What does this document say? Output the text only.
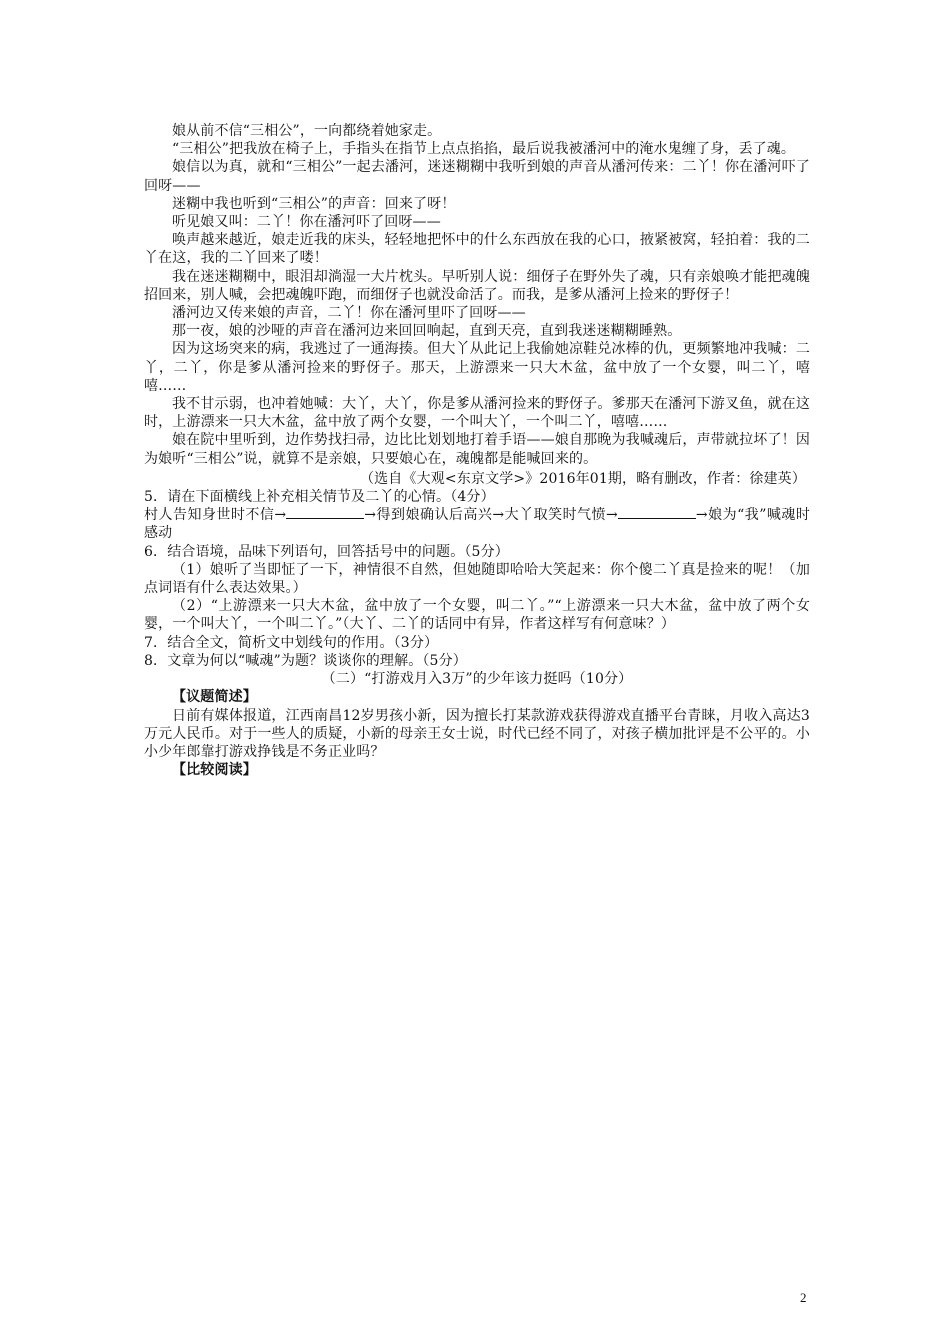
娘从前不信“三相公”，一向都绕着她家走。

“三相公”把我放在椅子上，手指头在指节上点点掐掐，最后说我被潘河中的淹水鬼缠了身，丢了魂。

娘信以为真，就和“三相公”一起去潘河，迷迷糊糊中我听到娘的声音从潘河传来：二丫！你在潘河吓了回呀——

迷糊中我也听到“三相公”的声音：回来了呀！

听见娘又叫：二丫！你在潘河吓了回呀——

唤声越来越近，娘走近我的床头，轻轻地把怀中的什么东西放在我的心口，掖紧被窝，轻拍着：我的二丫在这，我的二丫回来了喽！

我在迷迷糊糊中，眼泪却淌湿一大片枕头。早听别人说：细伢子在野外失了魂，只有亲娘唤才能把魂魄招回来，别人喊，会把魂魄吓跑，而细伢子也就没命活了。而我，是爹从潘河上捡来的野伢子！

潘河边又传来娘的声音，二丫！你在潘河里吓了回呀——

那一夜，娘的沙哑的声音在潘河边来回回响起，直到天亮，直到我迷迷糊糊睡熟。

因为这场突来的病，我逃过了一通海揍。但大丫从此记上我偷她凉鞋兑冰棒的仇，更频繁地冲我喊：二丫，二丫，你是爹从潘河捡来的野伢子。那天，上游漂来一只大木盆，盆中放了一个女婴，叫二丫，嘻嘻……

我不甘示弱，也冲着她喊：大丫，大丫，你是爹从潘河捡来的野伢子。爹那天在潘河下游叉鱼，就在这时，上游漂来一只大木盆，盆中放了两个女婴，一个叫大丫，一个叫二丫，嘻嘻……

娘在院中里听到，边作势找扫帚，边比比划划地打着手语——娘自那晚为我喊魂后，声带就拉坏了！因为娘听“三相公”说，就算不是亲娘，只要娘心在，魂魄都是能喊回来的。

（选自《大观<东京文学>》2016年01期，略有删改，作者：徐建英）

5．请在下面横线上补充相关情节及二丫的心情。（4分）

村人告知身世时不信→	→得到娘确认后高兴→大丫取笑时气愤→	→娘为“我”喊魂时感动

6．结合语境，品味下列语句，回答括号中的问题。（5分）

（1）娘听了当即怔了一下，神情很不自然，但她随即哈哈大笑起来：你个傻二丫真是捡来的呢！（加点词语有什么表达效果。）

（2）“上游漂来一只大木盆，盆中放了一个女婴，叫二丫。”“上游漂来一只大木盆，盆中放了两个女婴，一个叫大丫，一个叫二丫。”（大丫、二丫的话同中有异，作者这样写有何意味？）

7．结合全文，简析文中划线句的作用。（3分）

8．文章为何以“喊魂”为题？谈谈你的理解。（5分）

（二）“打游戏月入3万”的少年该力挺吗（10分）

【议题简述】

日前有媒体报道，江西南昌12岁男孩小新，因为擅长打某款游戏获得游戏直播平台青睐，月收入高达3万元人民币。对于一些人的质疑，小新的母亲王女士说，时代已经不同了，对孩子横加批评是不公平的。小小少年郎靠打游戏挣钱是不务正业吗？

【比较阅读】

2
